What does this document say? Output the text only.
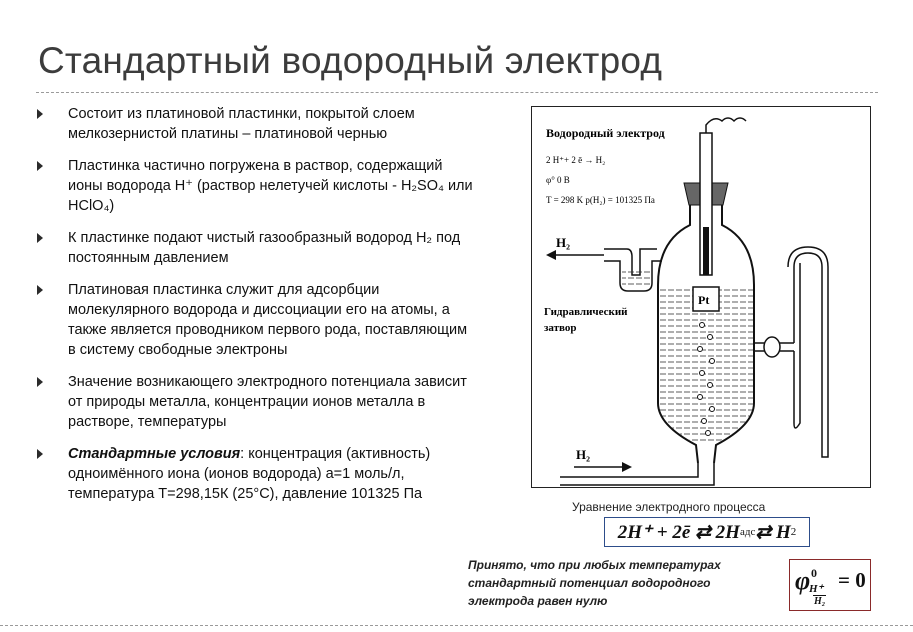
Стандартный водородный электрод
Состоит из платиновой пластинки, покрытой слоем мелкозернистой платины – платиновой чернью
Пластинка частично погружена в раствор, содержащий ионы водорода H⁺ (раствор нелетучей кислоты - H₂SO₄ или HClO₄)
К пластинке подают чистый газообразный водород H₂ под постоянным давлением
Платиновая пластинка служит для адсорбции молекулярного водорода и диссоциации его на атомы, а также является проводником первого рода, поставляющим в систему свободные электроны
Значение возникающего электродного потенциала зависит от природы металла, концентрации ионов металла в растворе, температуры
Стандартные условия: концентрация (активность) одноимённого иона (ионов водорода) a=1 моль/л, температура Т=298,15К (25°С), давление 101325 Па
Водородный электрод
2 H⁺+ 2 ē → H₂
φ° 0 В
T = 298 K p(H₂) = 101325 Па
H₂
H₂
Гидравлический
затвор
Pt
Уравнение электродного процесса
2H⁺ + 2ē ⇄ 2H адс ⇄ H 2
Принято, что при любых температурах стандартный потенциал водородного электрода равен нулю
φ 0
H⁺
H₂
= 0
